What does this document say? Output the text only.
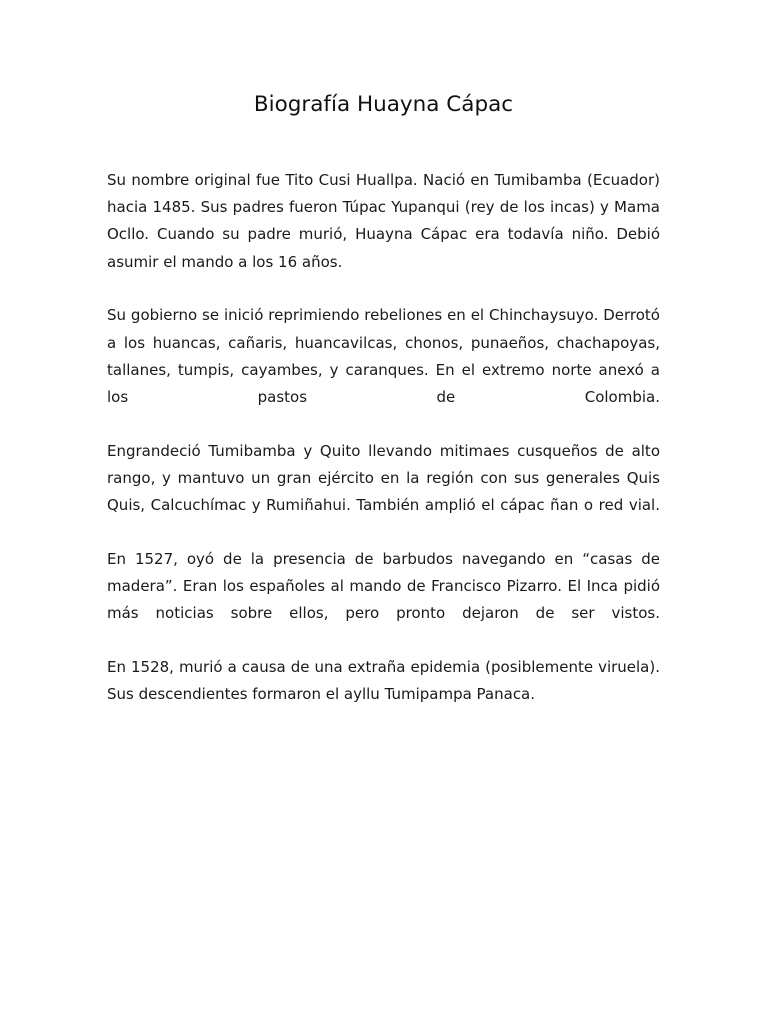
Biografía Huayna Cápac

Su nombre original fue Tito Cusi Huallpa. Nació en Tumibamba (Ecuador) hacia 1485. Sus padres fueron Túpac Yupanqui (rey de los incas) y Mama Ocllo. Cuando su padre murió, Huayna Cápac era todavía niño. Debió asumir el mando a los 16 años.

Su gobierno se inició reprimiendo rebeliones en el Chinchaysuyo. Derrotó a los huancas, cañaris, huancavilcas, chonos, punaeños, chachapoyas, tallanes, tumpis, cayambes, y caranques. En el extremo norte anexó a los pastos de Colombia.

Engrandeció Tumibamba y Quito llevando mitimaes cusqueños de alto rango, y mantuvo un gran ejército en la región con sus generales Quis Quis, Calcuchímac y Rumiñahui. También amplió el cápac ñan o red vial.

En 1527, oyó de la presencia de barbudos navegando en “casas de madera”. Eran los españoles al mando de Francisco Pizarro. El Inca pidió más noticias sobre ellos, pero pronto dejaron de ser vistos.

En 1528, murió a causa de una extraña epidemia (posiblemente viruela). Sus descendientes formaron el ayllu Tumipampa Panaca.
